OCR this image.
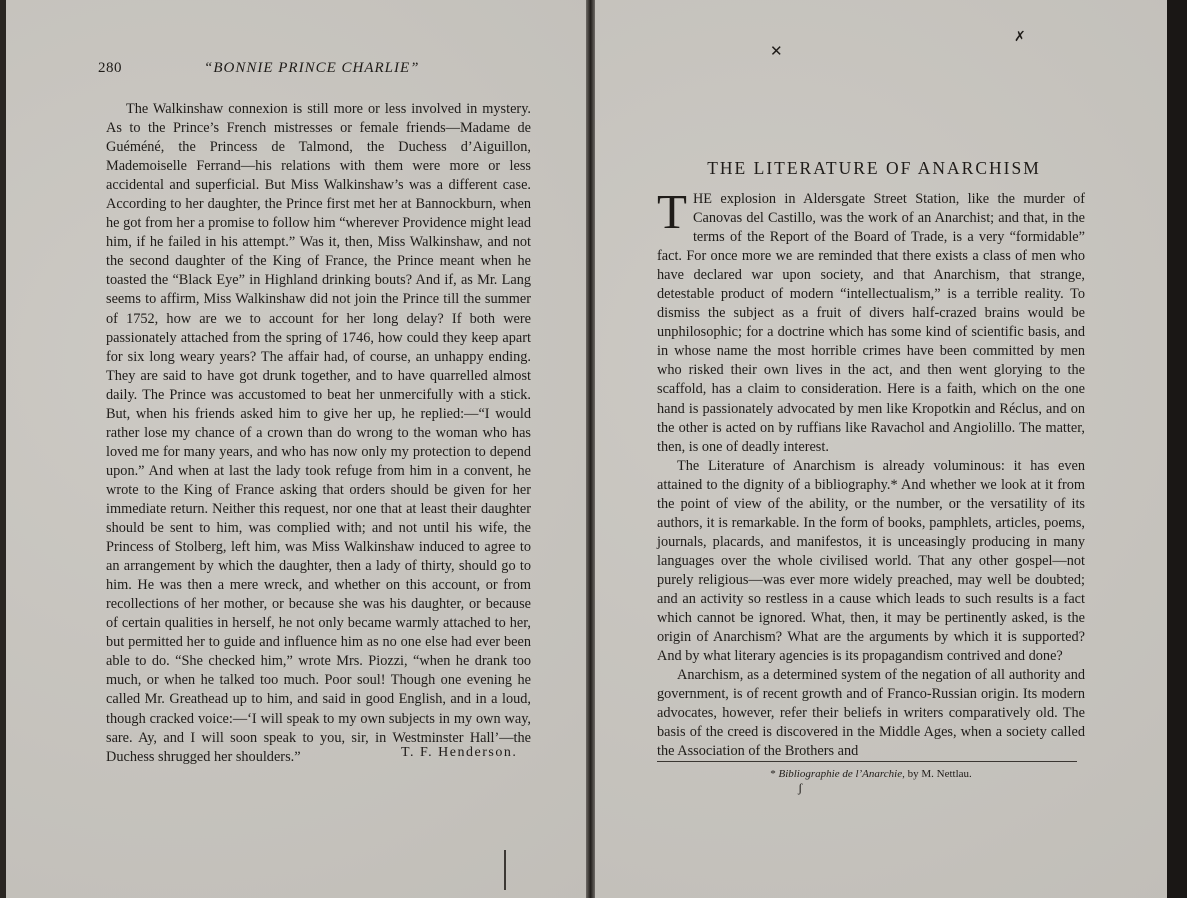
280	“BONNIE PRINCE CHARLIE”

The Walkinshaw connexion is still more or less involved in mystery. As to the Prince’s French mistresses or female friends—Madame de Guéméné, the Princess de Talmond, the Duchess d’Aiguillon, Mademoiselle Ferrand—his relations with them were more or less accidental and superficial. But Miss Walkinshaw’s was a different case. According to her daughter, the Prince first met her at Bannockburn, when he got from her a promise to follow him “wherever Providence might lead him, if he failed in his attempt.” Was it, then, Miss Walkinshaw, and not the second daughter of the King of France, the Prince meant when he toasted the “Black Eye” in Highland drinking bouts? And if, as Mr. Lang seems to affirm, Miss Walkinshaw did not join the Prince till the summer of 1752, how are we to account for her long delay? If both were passionately attached from the spring of 1746, how could they keep apart for six long weary years? The affair had, of course, an unhappy ending. They are said to have got drunk together, and to have quarrelled almost daily. The Prince was accustomed to beat her unmercifully with a stick. But, when his friends asked him to give her up, he replied:—“I would rather lose my chance of a crown than do wrong to the woman who has loved me for many years, and who has now only my protection to depend upon.” And when at last the lady took refuge from him in a convent, he wrote to the King of France asking that orders should be given for her immediate return. Neither this request, nor one that at least their daughter should be sent to him, was complied with; and not until his wife, the Princess of Stolberg, left him, was Miss Walkinshaw induced to agree to an arrangement by which the daughter, then a lady of thirty, should go to him. He was then a mere wreck, and whether on this account, or from recollections of her mother, or because she was his daughter, or because of certain qualities in herself, he not only became warmly attached to her, but permitted her to guide and influence him as no one else had ever been able to do. “She checked him,” wrote Mrs. Piozzi, “when he drank too much, or when he talked too much. Poor soul! Though one evening he called Mr. Greathead up to him, and said in good English, and in a loud, though cracked voice:—‘I will speak to my own subjects in my own way, sare. Ay, and I will soon speak to you, sir, in Westminster Hall’—the Duchess shrugged her shoulders.”	T. F. Henderson.
✕
✗
THE LITERATURE OF ANARCHISM

THE explosion in Aldersgate Street Station, like the murder of Canovas del Castillo, was the work of an Anarchist; and that, in the terms of the Report of the Board of Trade, is a very “formidable” fact. For once more we are reminded that there exists a class of men who have declared war upon society, and that Anarchism, that strange, detestable product of modern “intellectualism,” is a terrible reality. To dismiss the subject as a fruit of divers half-crazed brains would be unphilosophic; for a doctrine which has some kind of scientific basis, and in whose name the most horrible crimes have been committed by men who risked their own lives in the act, and then went glorying to the scaffold, has a claim to consideration. Here is a faith, which on the one hand is passionately advocated by men like Kropotkin and Réclus, and on the other is acted on by ruffians like Ravachol and Angiolillo. The matter, then, is one of deadly interest.

The Literature of Anarchism is already voluminous: it has even attained to the dignity of a bibliography.* And whether we look at it from the point of view of the ability, or the number, or the versatility of its authors, it is remarkable. In the form of books, pamphlets, articles, poems, journals, placards, and manifestos, it is unceasingly producing in many languages over the whole civilised world. That any other gospel—not purely religious—was ever more widely preached, may well be doubted; and an activity so restless in a cause which leads to such results is a fact which cannot be ignored. What, then, it may be pertinently asked, is the origin of Anarchism? What are the arguments by which it is supported? And by what literary agencies is its propagandism contrived and done?

Anarchism, as a determined system of the negation of all authority and government, is of recent growth and of Franco-Russian origin. Its modern advocates, however, refer their beliefs in writers comparatively old. The basis of the creed is discovered in the Middle Ages, when a society called the Association of the Brothers and

* Bibliographie de l’Anarchie, by M. Nettlau.
ʃ
